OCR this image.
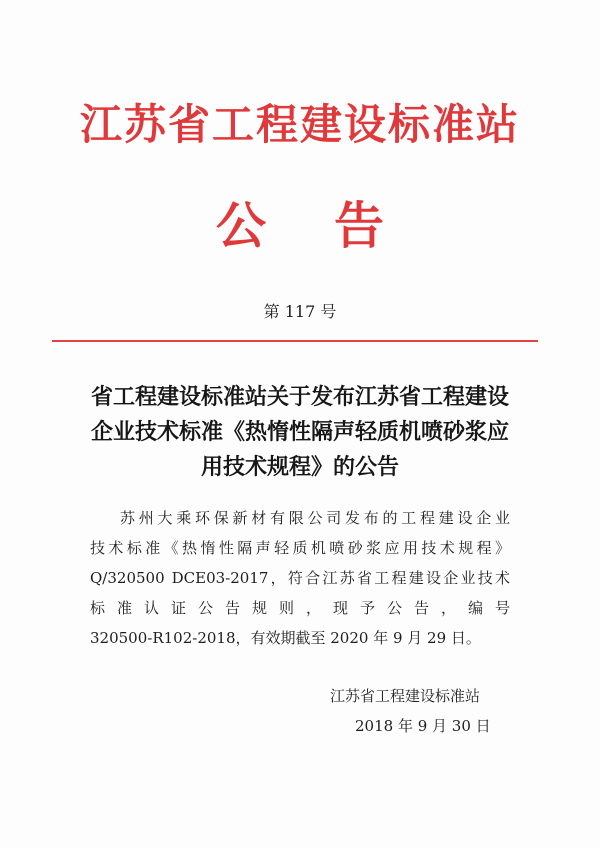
江苏省工程建设标准站
公 告
第 117 号
省工程建设标准站关于发布江苏省工程建设
企业技术标准《热惰性隔声轻质机喷砂浆应
用技术规程》的公告
苏州大乘环保新材有限公司发布的工程建设企业
技术标准《热惰性隔声轻质机喷砂浆应用技术规程》
Q/320500 DCE03-2017，符合江苏省工程建设企业技术
标准认证公告规则，现予公告，编号
320500-R102-2018，有效期截至 2020 年 9 月 29 日。
江苏省工程建设标准站
2018 年 9 月 30 日
